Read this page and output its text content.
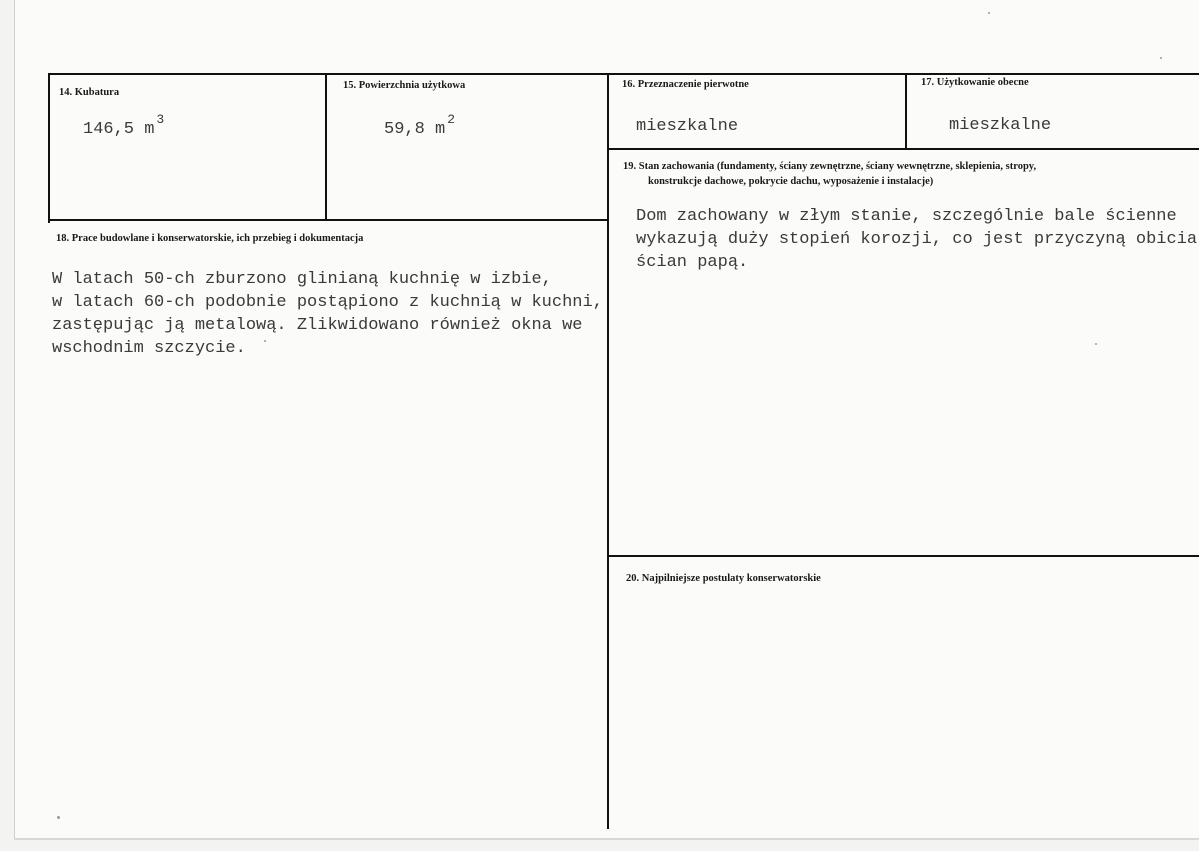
14. Kubatura
146,5 $m^3$
15. Powierzchnia użytkowa
59,8 $m^2$
16. Przeznaczenie pierwotne
mieszkalne
17. Użytkowanie obecne
mieszkalne
19. Stan zachowania (fundamenty, ściany zewnętrzne, ściany wewnętrzne, sklepienia, stropy,
konstrukcje dachowe, pokrycie dachu, wyposażenie i instalacje)
Dom zachowany w złym stanie, szczególnie bale ścienne
wykazują duży stopień korozji, co jest przyczyną obicia
ścian papą.
18. Prace budowlane i konserwatorskie, ich przebieg i dokumentacja
W latach 50-ch zburzono glinianą kuchnię w izbie,
w latach 60-ch podobnie postąpiono z kuchnią w kuchni,
zastępując ją metalową. Zlikwidowano również okna we
wschodnim szczycie.
20. Najpilniejsze postulaty konserwatorskie
